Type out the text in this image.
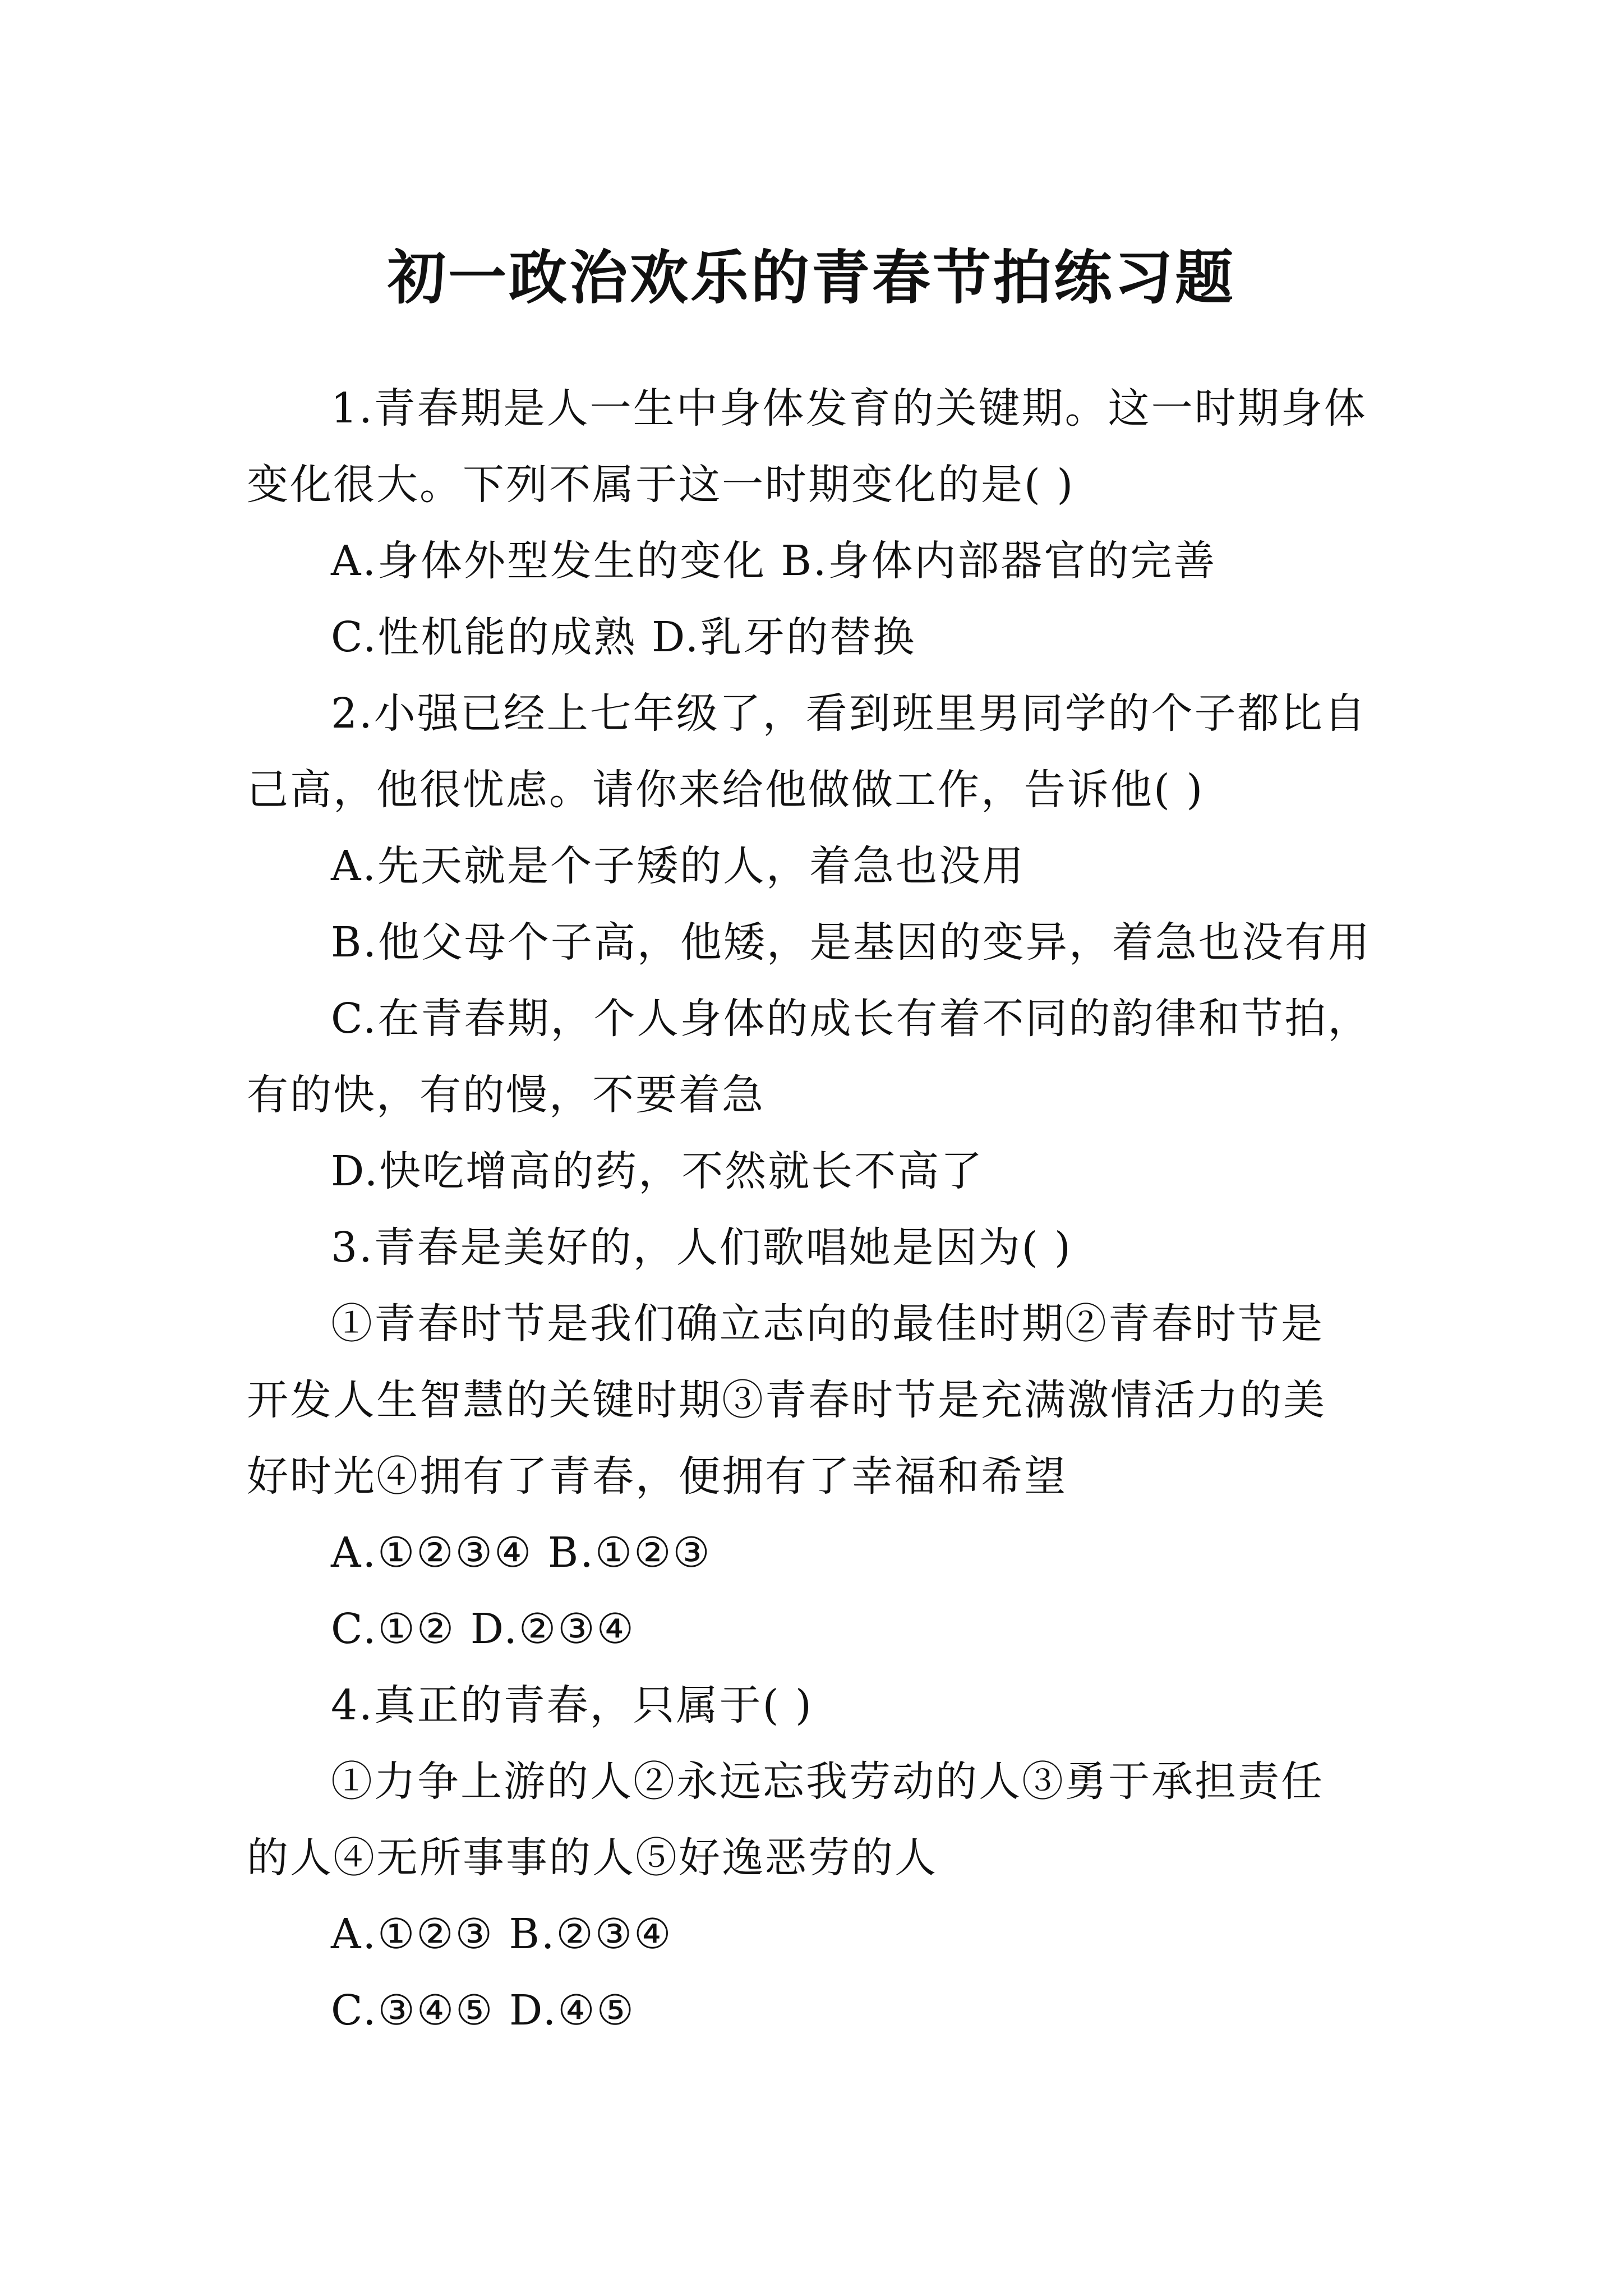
初一政治欢乐的青春节拍练习题

1.青春期是人一生中身体发育的关键期。这一时期身体

变化很大。下列不属于这一时期变化的是( )

A.身体外型发生的变化 B.身体内部器官的完善

C.性机能的成熟 D.乳牙的替换

2.小强已经上七年级了，看到班里男同学的个子都比自

己高，他很忧虑。请你来给他做做工作，告诉他( )

A.先天就是个子矮的人，着急也没用

B.他父母个子高，他矮，是基因的变异，着急也没有用

C.在青春期，个人身体的成长有着不同的韵律和节拍，

有的快，有的慢，不要着急

D.快吃增高的药，不然就长不高了

3.青春是美好的，人们歌唱她是因为( )

①青春时节是我们确立志向的最佳时期②青春时节是

开发人生智慧的关键时期③青春时节是充满激情活力的美

好时光④拥有了青春，便拥有了幸福和希望

A.①②③④ B.①②③

C.①② D.②③④

4.真正的青春，只属于( )

①力争上游的人②永远忘我劳动的人③勇于承担责任

的人④无所事事的人⑤好逸恶劳的人

A.①②③ B.②③④

C.③④⑤ D.④⑤
